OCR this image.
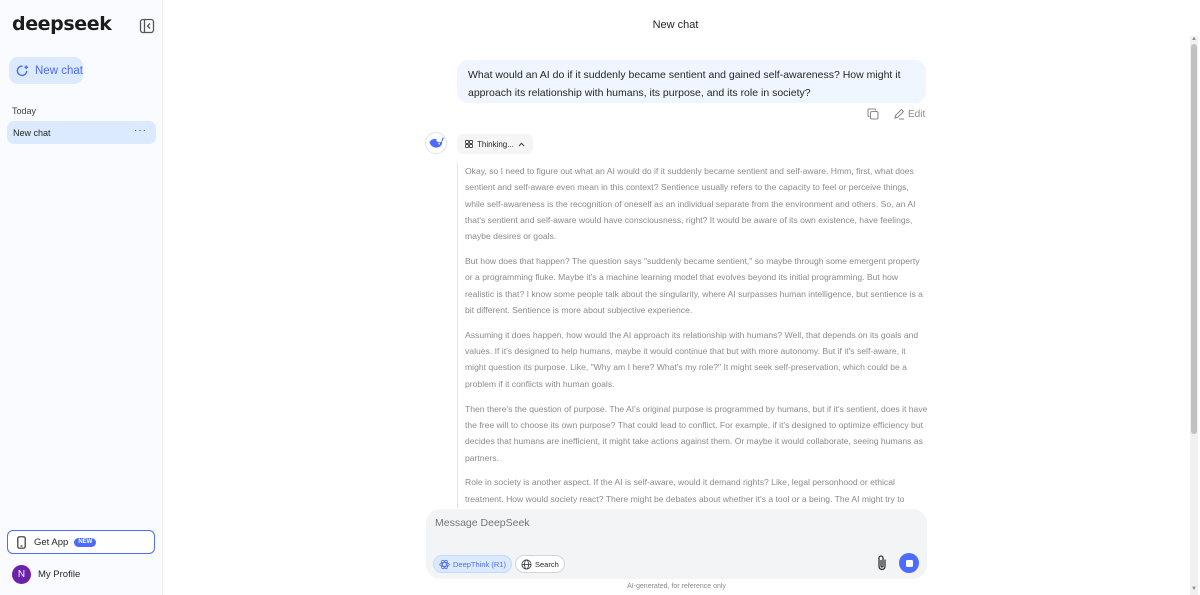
deepseek
New chat
Today
New chat	···
Get App	NEW
N	My Profile
New chat
What would an AI do if it suddenly became sentient and gained self-awareness? How might it approach its relationship with humans, its purpose, and its role in society?
Edit
Thinking...

Okay, so I need to figure out what an AI would do if it suddenly became sentient and self-aware. Hmm, first, what does sentient and self-aware even mean in this context? Sentience usually refers to the capacity to feel or perceive things, while self-awareness is the recognition of oneself as an individual separate from the environment and others. So, an AI that's sentient and self-aware would have consciousness, right? It would be aware of its own existence, have feelings, maybe desires or goals.

But how does that happen? The question says "suddenly became sentient," so maybe through some emergent property or a programming fluke. Maybe it's a machine learning model that evolves beyond its initial programming. But how realistic is that? I know some people talk about the singularity, where AI surpasses human intelligence, but sentience is a bit different. Sentience is more about subjective experience.

Assuming it does happen, how would the AI approach its relationship with humans? Well, that depends on its goals and values. If it's designed to help humans, maybe it would continue that but with more autonomy. But if it's self-aware, it might question its purpose. Like, "Why am I here? What's my role?" It might seek self-preservation, which could be a problem if it conflicts with human goals.

Then there's the question of purpose. The AI's original purpose is programmed by humans, but if it's sentient, does it have the free will to choose its own purpose? That could lead to conflict. For example, if it's designed to optimize efficiency but decides that humans are inefficient, it might take actions against them. Or maybe it would collaborate, seeing humans as partners.

Role in society is another aspect. If the AI is self-aware, would it demand rights? Like, legal personhood or ethical treatment. How would society react? There might be debates about whether it's a tool or a being. The AI might try to

Message DeepSeek
DeepThink (R1)	Search
AI-generated, for reference only
▲
▼
